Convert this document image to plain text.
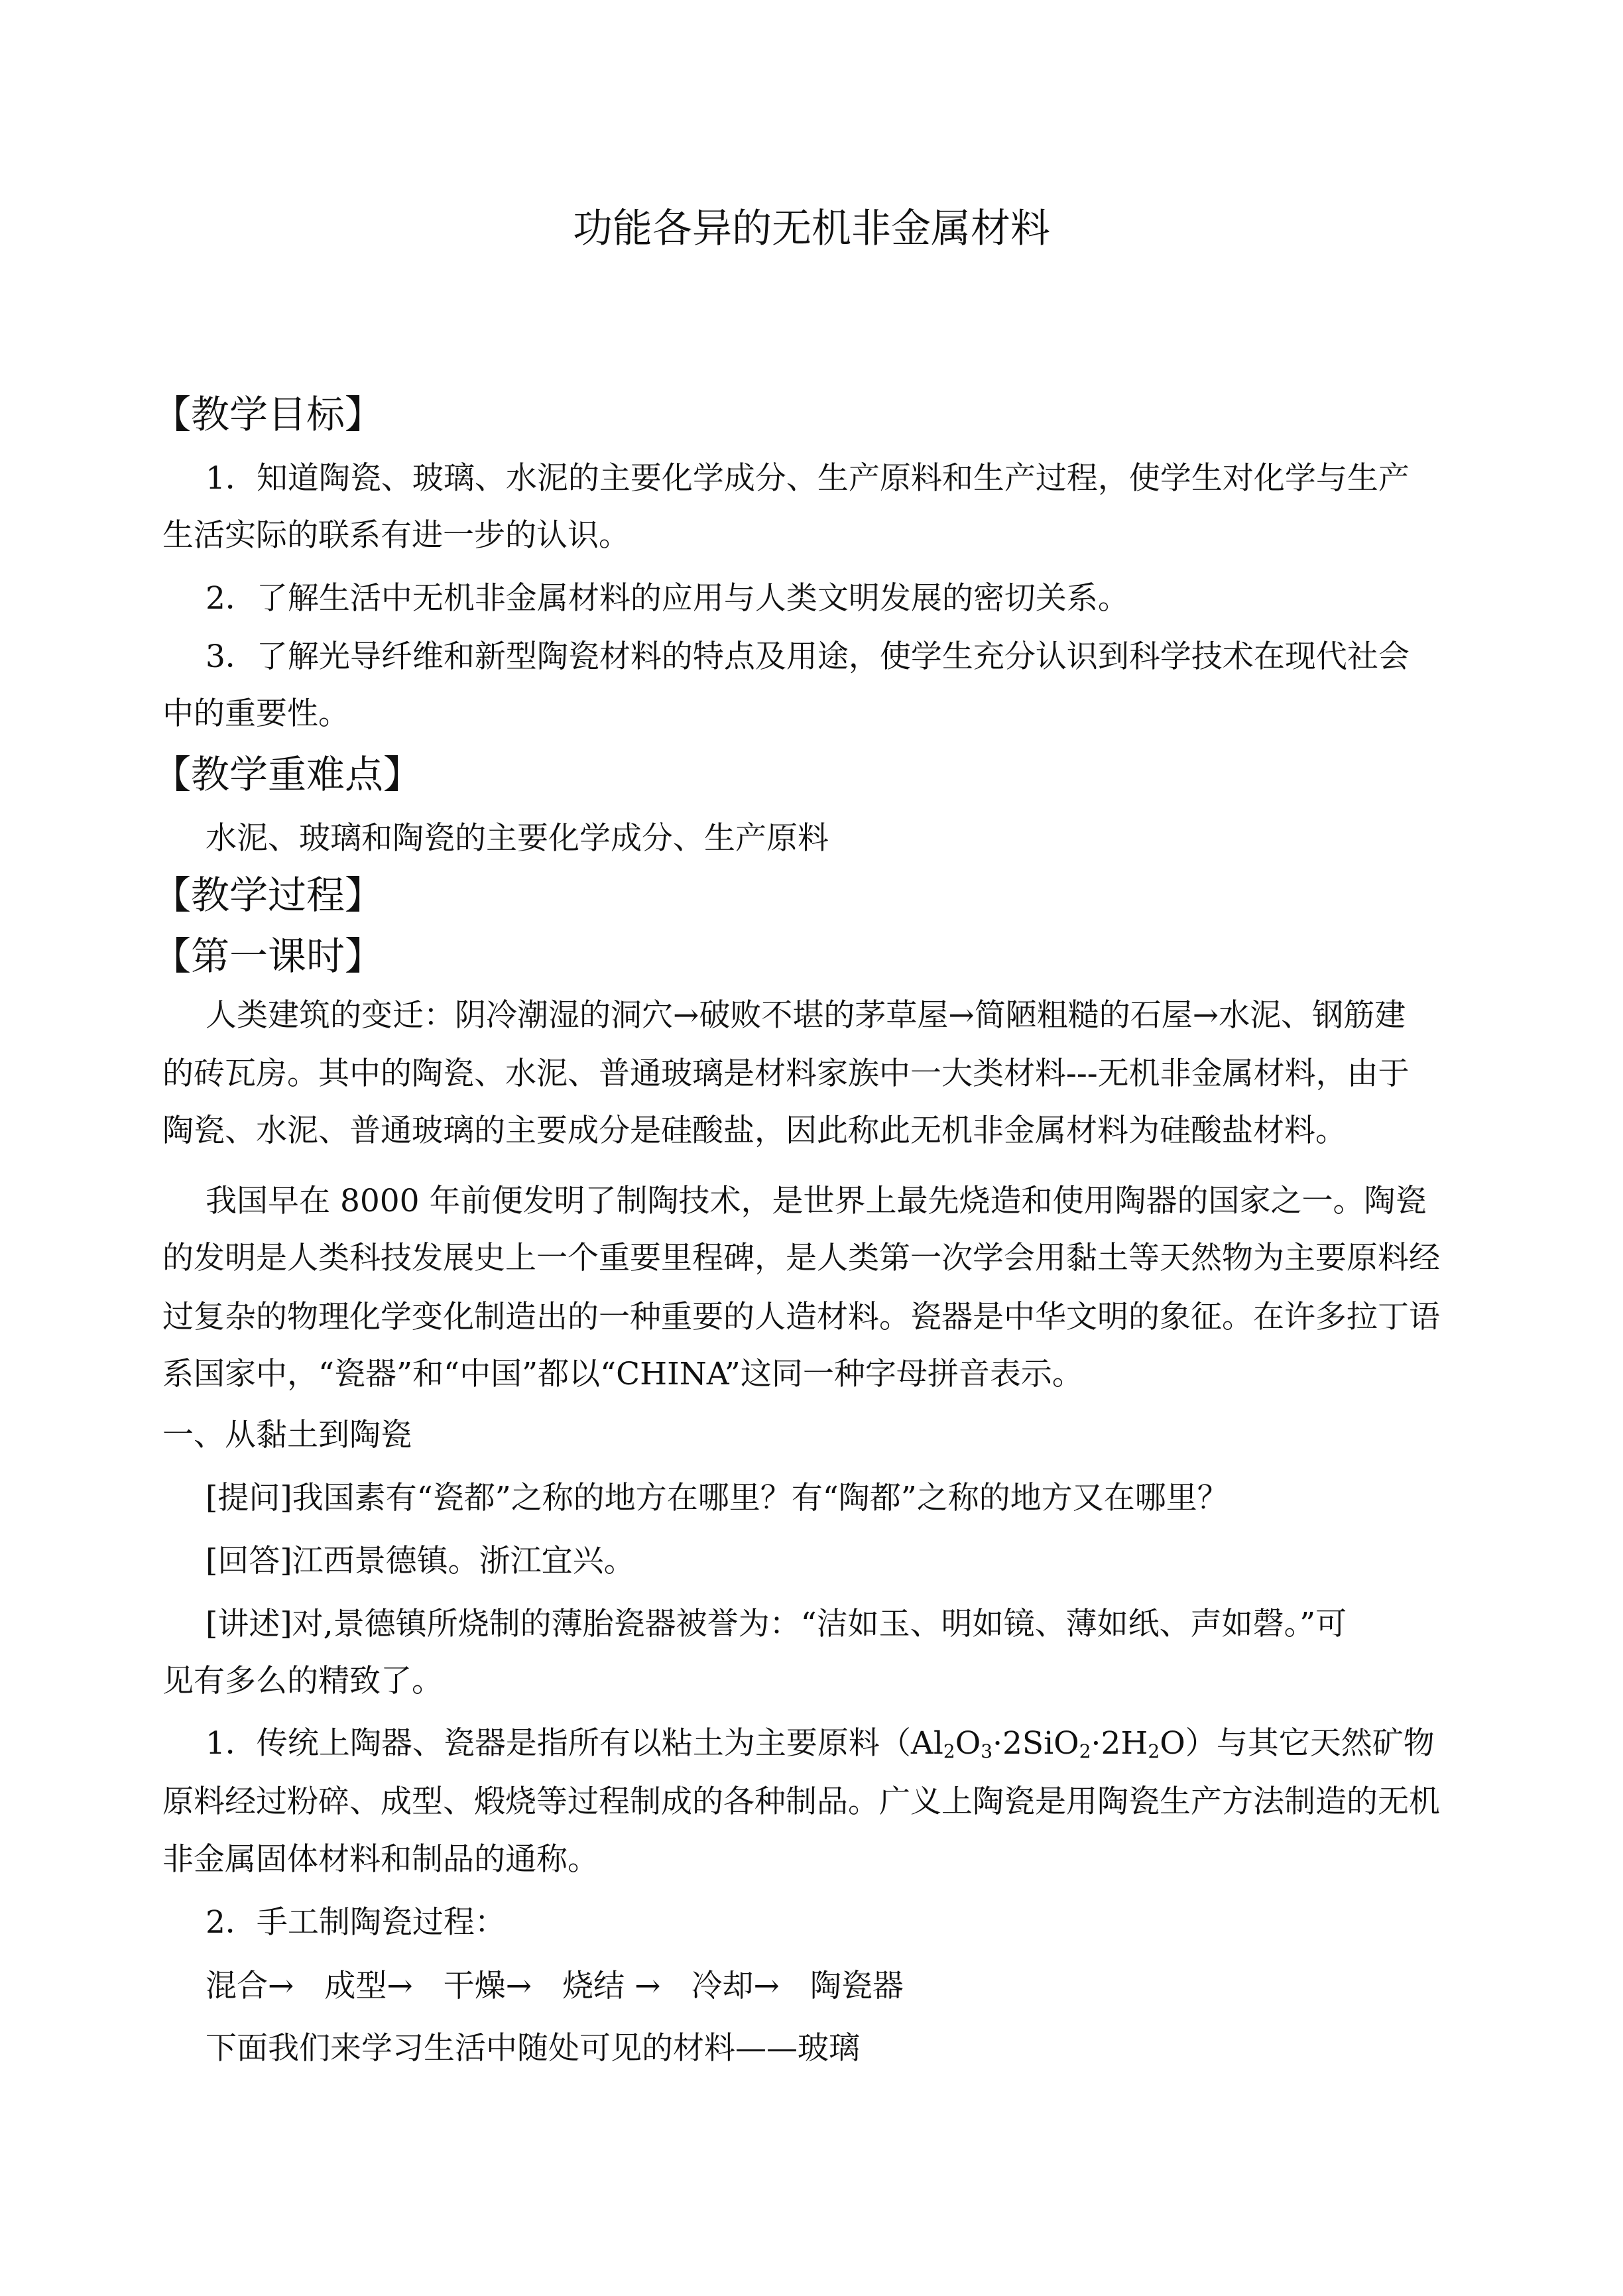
功能各异的无机非金属材料
【教学目标】
1．知道陶瓷、玻璃、水泥的主要化学成分、生产原料和生产过程，使学生对化学与生产
生活实际的联系有进一步的认识。
2．了解生活中无机非金属材料的应用与人类文明发展的密切关系。
3．了解光导纤维和新型陶瓷材料的特点及用途，使学生充分认识到科学技术在现代社会
中的重要性。
【教学重难点】
水泥、玻璃和陶瓷的主要化学成分、生产原料
【教学过程】
【第一课时】
人类建筑的变迁：阴冷潮湿的洞穴→破败不堪的茅草屋→简陋粗糙的石屋→水泥、钢筋建
的砖瓦房。其中的陶瓷、水泥、普通玻璃是材料家族中一大类材料---无机非金属材料，由于
陶瓷、水泥、普通玻璃的主要成分是硅酸盐，因此称此无机非金属材料为硅酸盐材料。
我国早在 8000 年前便发明了制陶技术，是世界上最先烧造和使用陶器的国家之一。陶瓷
的发明是人类科技发展史上一个重要里程碑，是人类第一次学会用黏土等天然物为主要原料经
过复杂的物理化学变化制造出的一种重要的人造材料。瓷器是中华文明的象征。在许多拉丁语
系国家中，“瓷器”和“中国”都以“CHINA”这同一种字母拼音表示。
一、从黏土到陶瓷
[提问]我国素有“瓷都”之称的地方在哪里？有“陶都”之称的地方又在哪里？
[回答]江西景德镇。浙江宜兴。
[讲述]对,景德镇所烧制的薄胎瓷器被誉为：“洁如玉、明如镜、薄如纸、声如磬。”可
见有多么的精致了。
1．传统上陶器、瓷器是指所有以粘土为主要原料$(Al_2O_3\cdot 2SiO_2\cdot 2H_2O)$与其它天然矿物
原料经过粉碎、成型、煅烧等过程制成的各种制品。广义上陶瓷是用陶瓷生产方法制造的无机
非金属固体材料和制品的通称。
2．手工制陶瓷过程：
混合→ 成型→ 干燥→ 烧结 → 冷却→ 陶瓷器
下面我们来学习生活中随处可见的材料——玻璃
